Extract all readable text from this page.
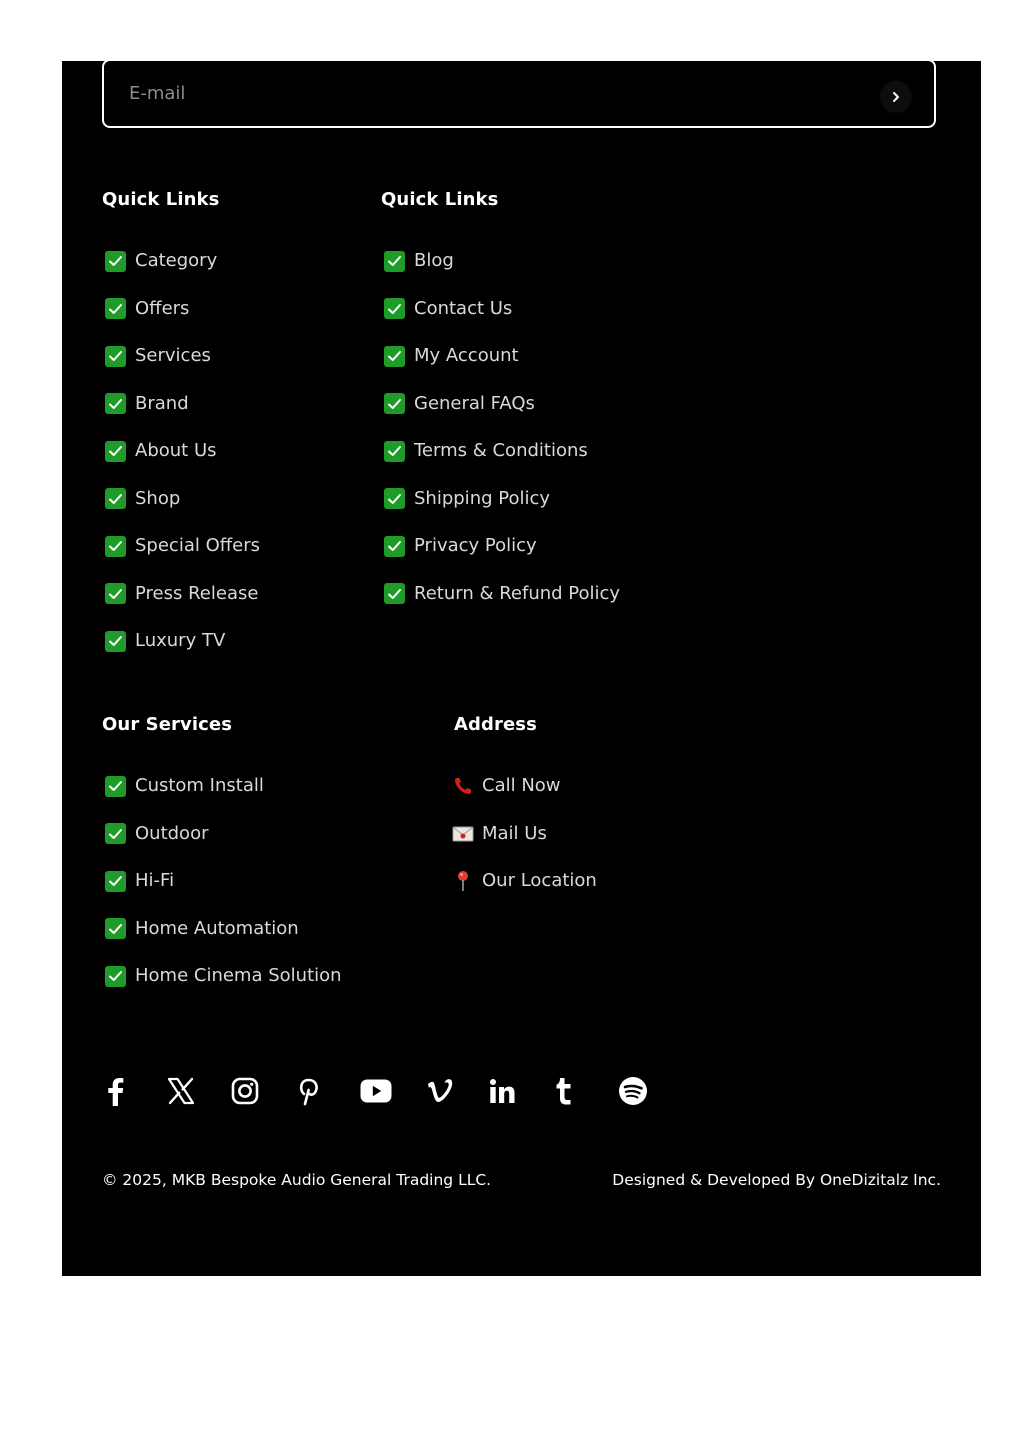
E-mail
Quick Links
Category
Offers
Services
Brand
About Us
Shop
Special Offers
Press Release
Luxury TV
Quick Links
Blog
Contact Us
My Account
General FAQs
Terms & Conditions
Shipping Policy
Privacy Policy
Return & Refund Policy
Our Services
Custom Install
Outdoor
Hi-Fi
Home Automation
Home Cinema Solution
Address
Call Now
Mail Us
Our Location
© 2025, MKB Bespoke Audio General Trading LLC.	Designed & Developed By OneDizitalz Inc.
